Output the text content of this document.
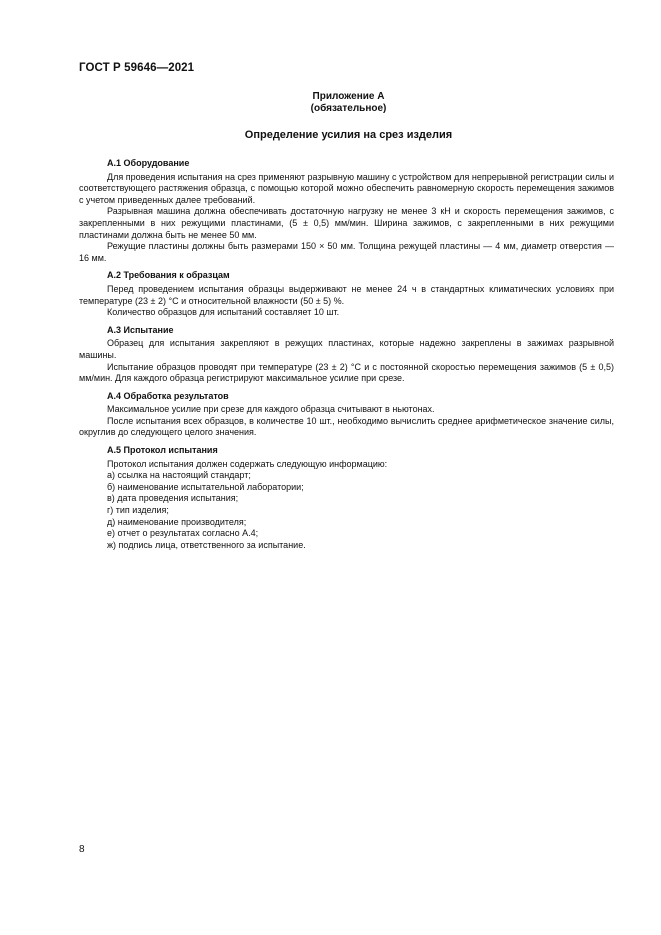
ГОСТ Р 59646—2021
Приложение А
(обязательное)
Определение усилия на срез изделия
А.1 Оборудование

Для проведения испытания на срез применяют разрывную машину с устройством для непрерывной регистрации силы и соответствующего растяжения образца, с помощью которой можно обеспечить равномерную скорость перемещения зажимов с учетом приведенных далее требований.

Разрывная машина должна обеспечивать достаточную нагрузку не менее 3 кН и скорость перемещения зажимов, с закрепленными в них режущими пластинами, (5 ± 0,5) мм/мин. Ширина зажимов, с закрепленными в них режущими пластинами должна быть не менее 50 мм.

Режущие пластины должны быть размерами 150 × 50 мм. Толщина режущей пластины — 4 мм, диаметр отверстия — 16 мм.

А.2 Требования к образцам

Перед проведением испытания образцы выдерживают не менее 24 ч в стандартных климатических условиях при температуре (23 ± 2) °С и относительной влажности (50 ± 5) %.

Количество образцов для испытаний составляет 10 шт.

А.3 Испытание

Образец для испытания закрепляют в режущих пластинах, которые надежно закреплены в зажимах разрывной машины.

Испытание образцов проводят при температуре (23 ± 2) °С и с постоянной скоростью перемещения зажимов (5 ± 0,5) мм/мин. Для каждого образца регистрируют максимальное усилие при срезе.

А.4 Обработка результатов

Максимальное усилие при срезе для каждого образца считывают в ньютонах.

После испытания всех образцов, в количестве 10 шт., необходимо вычислить среднее арифметическое значение силы, округлив до следующего целого значения.

А.5 Протокол испытания

Протокол испытания должен содержать следующую информацию:

а) ссылка на настоящий стандарт;

б) наименование испытательной лаборатории;

в) дата проведения испытания;

г) тип изделия;

д) наименование производителя;

е) отчет о результатах согласно А.4;

ж) подпись лица, ответственного за испытание.

8
